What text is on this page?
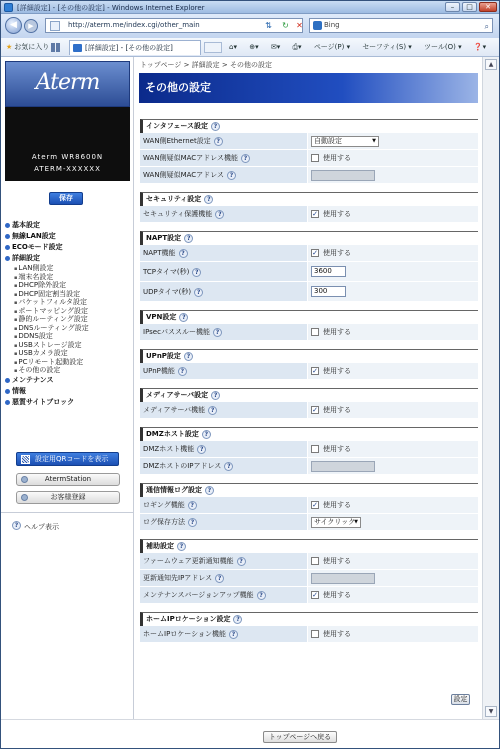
[詳細設定] - [その他の設定] - Windows Internet Explorer	–	□	✕
◀	▶	http://aterm.me/index.cgi/other_main	⇅ ↻ ✕	Bing	⌕
★ お気に入り	[詳細設定] - [その他の設定]	⌂▾ ⊕▾ ✉▾ ⎙▾ ページ(P) ▾ セーフティ(S) ▾ ツール(O) ▾ ❓▾
Aterm
Aterm WR8600N
ATERM-XXXXXX
保存
基本設定
無線LAN設定
ECOモード設定
詳細設定
▪ LAN側設定
▪ 端末名設定
▪ DHCP除外設定
▪ DHCP固定割当設定
▪ パケットフィルタ設定
▪ ポートマッピング設定
▪ 静的ルーティング設定
▪ DNSルーティング設定
▪ DDNS設定
▪ USBストレージ設定
▪ USBカメラ設定
▪ PCリモート起動設定
▪ その他の設定
メンテナンス
情報
悪質サイトブロック
設定用QRコードを表示
AtermStation
お客様登録
? ヘルプ表示
トップページ > 詳細設定 > その他の設定
その他の設定
インタフェース設定 ?
WAN側Ethernet設定 ?	自動設定	▼
WAN側疑似MACアドレス機能 ?	使用する
WAN側疑似MACアドレス ?
セキュリティ設定 ?
セキュリティ保護機能 ?	✓ 使用する
NAPT設定 ?
NAPT機能 ?	✓ 使用する
TCPタイマ(秒) ?	3600
UDPタイマ(秒) ?	300
VPN設定 ?
IPsecパススルー機能 ?	使用する
UPnP設定 ?
UPnP機能 ?	✓ 使用する
メディアサーバ設定 ?
メディアサーバ機能 ?	✓ 使用する
DMZホスト設定 ?
DMZホスト機能 ?	使用する
DMZホストのIPアドレス ?
通信情報ログ設定 ?
ロギング機能 ?	✓ 使用する
ログ保存方法 ?	サイクリック ▼
補助設定 ?
ファームウェア更新通知機能 ?	使用する
更新通知先IPアドレス ?
メンテナンスバージョンアップ機能 ?	✓ 使用する
ホームIPロケーション設定 ?
ホームIPロケーション機能 ?	使用する
設定
▲
▼
トップページへ戻る
